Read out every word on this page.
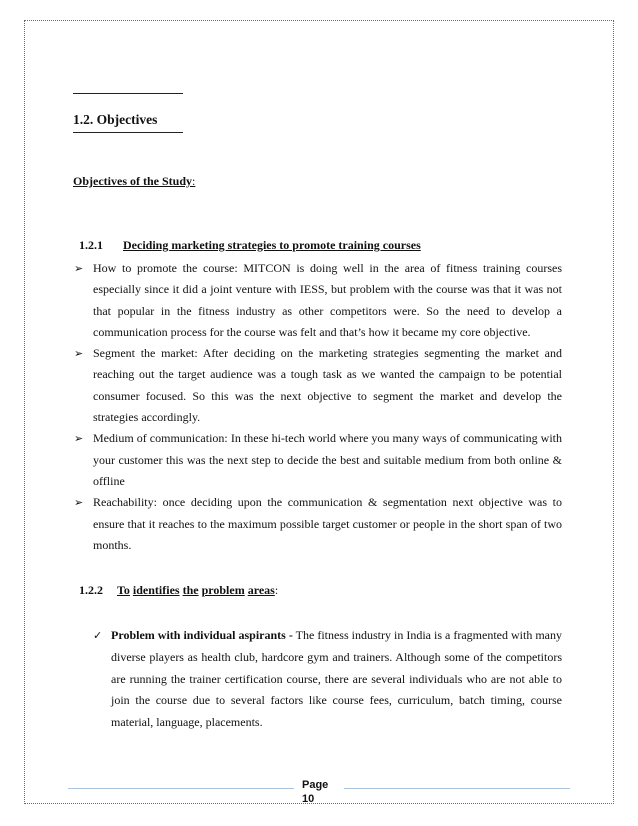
1.2. Objectives
Objectives of the Study:
1.2.1 Deciding marketing strategies to promote training courses
➢ How to promote the course: MITCON is doing well in the area of fitness training courses especially since it did a joint venture with IESS, but problem with the course was that it was not that popular in the fitness industry as other competitors were. So the need to develop a communication process for the course was felt and that’s how it became my core objective.
➢ Segment the market: After deciding on the marketing strategies segmenting the market and reaching out the target audience was a tough task as we wanted the campaign to be potential consumer focused. So this was the next objective to segment the market and develop the strategies accordingly.
➢ Medium of communication: In these hi-tech world where you many ways of communicating with your customer this was the next step to decide the best and suitable medium from both online & offline
➢ Reachability: once deciding upon the communication & segmentation next objective was to ensure that it reaches to the maximum possible target customer or people in the short span of two months.
1.2.2 To identifies the problem areas:
✓ Problem with individual aspirants - The fitness industry in India is a fragmented with many diverse players as health club, hardcore gym and trainers. Although some of the competitors are running the trainer certification course, there are several individuals who are not able to join the course due to several factors like course fees, curriculum, batch timing, course material, language, placements.
Page
10
